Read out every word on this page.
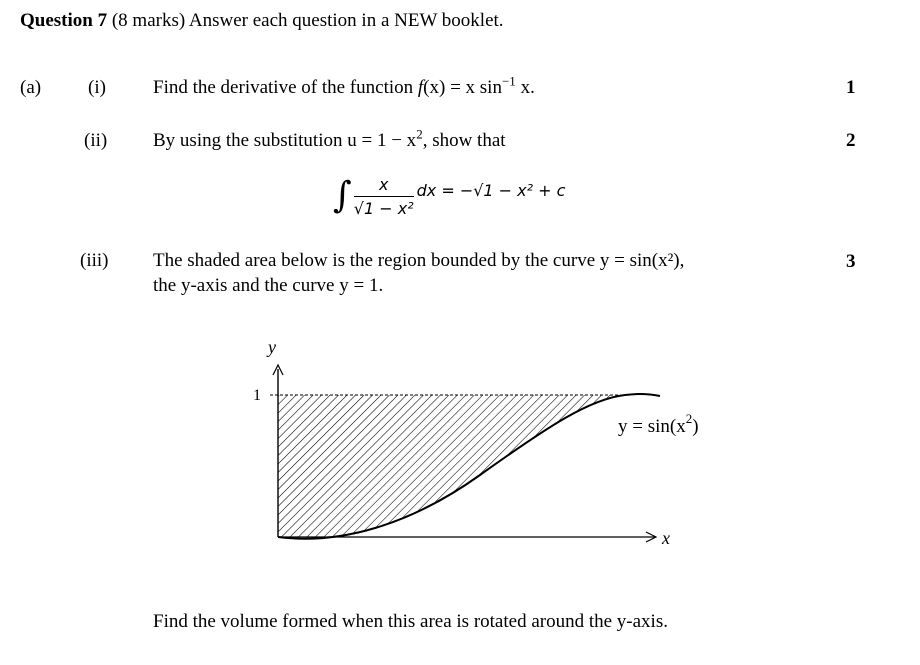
Question 7 (8 marks) Answer each question in a NEW booklet.
(a) (i) Find the derivative of the function f(x) = x $\sin^{-1} x$.	1
(ii) By using the substitution $u = 1 - x^2$, show that	2
∫ $\frac{x}{\text{√1 − x²}}$ dx = −√1 − x² + c
(iii) The shaded area below is the region bounded by the curve y = sin(x²),
the y-axis and the curve y = 1.
3
y
x
1
$y = \sin(x^2)$
Find the volume formed when this area is rotated around the y-axis.
